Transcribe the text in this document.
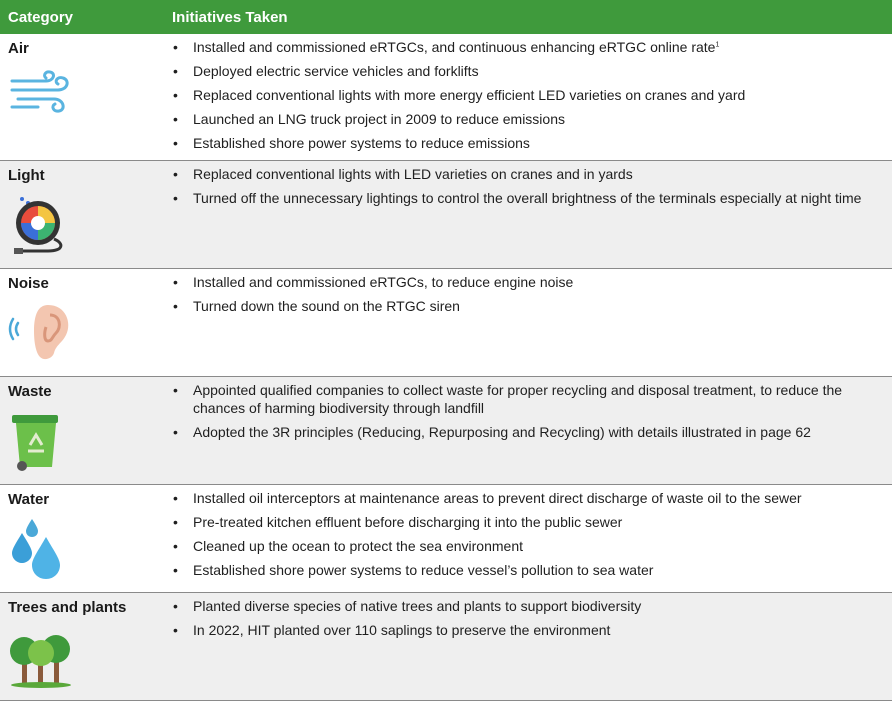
Category	Initiatives Taken
Air	• Installed and commissioned eRTGCs, and continuous enhancing eRTGC online rate$^1$
• Deployed electric service vehicles and forklifts
• Replaced conventional lights with more energy efficient LED varieties on cranes and yard
• Launched an LNG truck project in 2009 to reduce emissions
• Established shore power systems to reduce emissions
Light	• Replaced conventional lights with LED varieties on cranes and in yards
• Turned off the unnecessary lightings to control the overall brightness of the terminals especially at night time
Noise	• Installed and commissioned eRTGCs, to reduce engine noise
• Turned down the sound on the RTGC siren
Waste	• Appointed qualified companies to collect waste for proper recycling and disposal treatment, to reduce the chances of harming biodiversity through landfill
• Adopted the 3R principles (Reducing, Repurposing and Recycling) with details illustrated in page 62
Water	• Installed oil interceptors at maintenance areas to prevent direct discharge of waste oil to the sewer
• Pre-treated kitchen effluent before discharging it into the public sewer
• Cleaned up the ocean to protect the sea environment
• Established shore power systems to reduce vessel’s pollution to sea water
Trees and plants	• Planted diverse species of native trees and plants to support biodiversity
• In 2022, HIT planted over 110 saplings to preserve the environment
